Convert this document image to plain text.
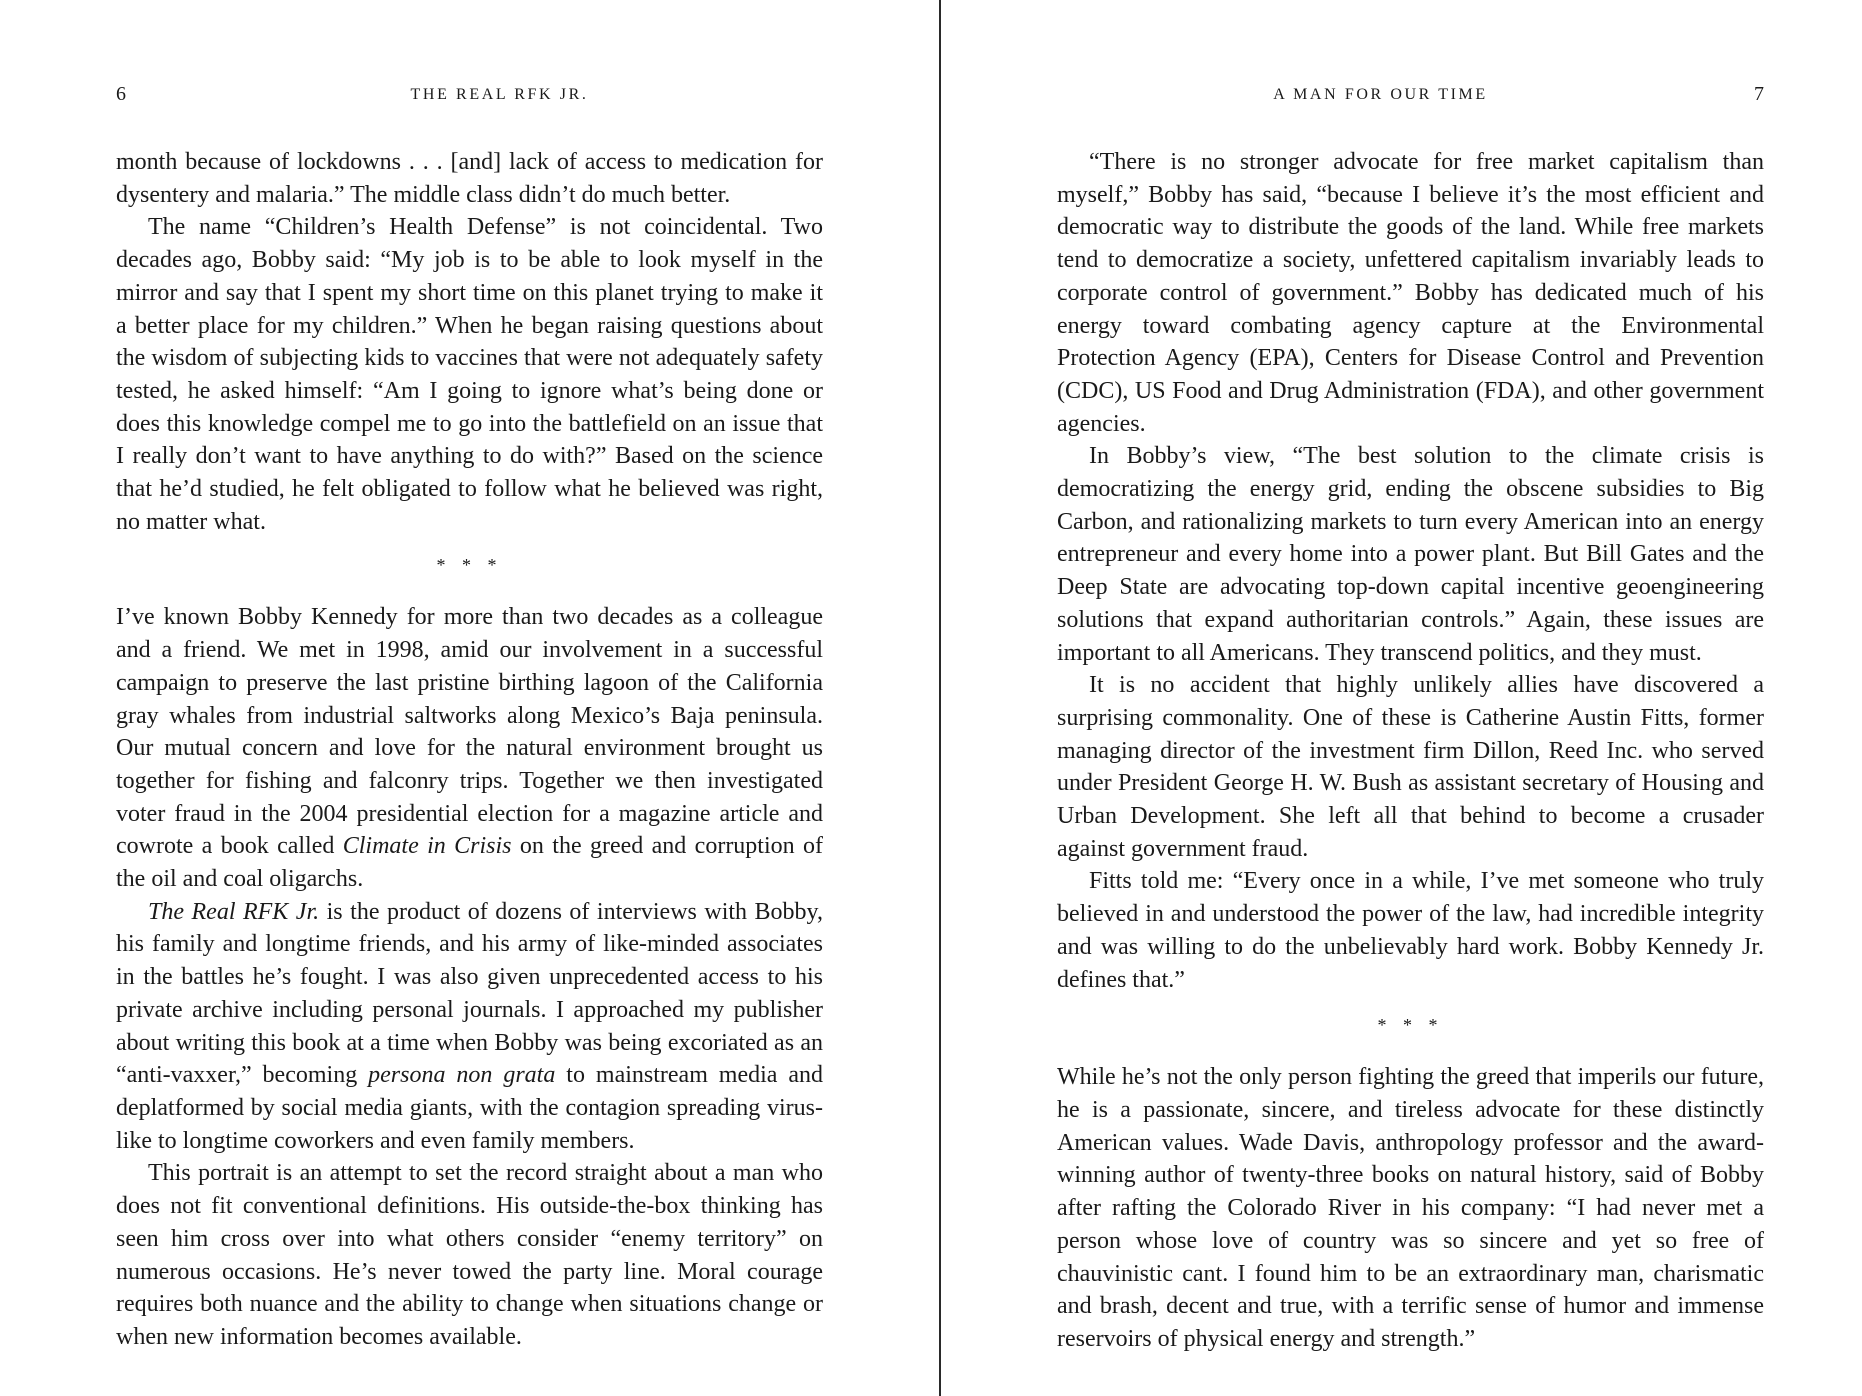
6	THE REAL RFK JR.

month because of lockdowns . . . [and] lack of access to medication for dysentery and malaria.” The middle class didn’t do much better.

The name “Children’s Health Defense” is not coincidental. Two decades ago, Bobby said: “My job is to be able to look myself in the mirror and say that I spent my short time on this planet trying to make it a better place for my children.” When he began raising questions about the wisdom of subjecting kids to vaccines that were not adequately safety tested, he asked himself: “Am I going to ignore what’s being done or does this knowledge compel me to go into the battlefield on an issue that I really don’t want to have anything to do with?” Based on the science that he’d studied, he felt obligated to follow what he believed was right, no matter what.

* * *

I’ve known Bobby Kennedy for more than two decades as a colleague and a friend. We met in 1998, amid our involvement in a successful campaign to preserve the last pristine birthing lagoon of the California gray whales from industrial saltworks along Mexico’s Baja peninsula. Our mutual concern and love for the natural environment brought us together for fishing and falconry trips. Together we then investigated voter fraud in the 2004 presidential election for a magazine article and cowrote a book called Climate in Crisis on the greed and corruption of the oil and coal oligarchs.

The Real RFK Jr. is the product of dozens of interviews with Bobby, his family and longtime friends, and his army of like-minded associates in the battles he’s fought. I was also given unprecedented access to his private archive including personal journals. I approached my publisher about writing this book at a time when Bobby was being excoriated as an “anti-vaxxer,” becoming persona non grata to mainstream media and deplatformed by social media giants, with the contagion spreading virus-like to longtime coworkers and even family members.

This portrait is an attempt to set the record straight about a man who does not fit conventional definitions. His outside-the-box thinking has seen him cross over into what others consider “enemy territory” on numerous occasions. He’s never towed the party line. Moral courage requires both nuance and the ability to change when situations change or when new information becomes available.

A MAN FOR OUR TIME	7

“There is no stronger advocate for free market capitalism than myself,” Bobby has said, “because I believe it’s the most efficient and democratic way to distribute the goods of the land. While free markets tend to democratize a society, unfettered capitalism invariably leads to corporate control of government.” Bobby has dedicated much of his energy toward combating agency capture at the Environmental Protection Agency (EPA), Centers for Disease Control and Prevention (CDC), US Food and Drug Administration (FDA), and other government agencies.

In Bobby’s view, “The best solution to the climate crisis is democratizing the energy grid, ending the obscene subsidies to Big Carbon, and rationalizing markets to turn every American into an energy entrepreneur and every home into a power plant. But Bill Gates and the Deep State are advocating top-down capital incentive geoengineering solutions that expand authoritarian controls.” Again, these issues are important to all Americans. They transcend politics, and they must.

It is no accident that highly unlikely allies have discovered a surprising commonality. One of these is Catherine Austin Fitts, former managing director of the investment firm Dillon, Reed Inc. who served under President George H. W. Bush as assistant secretary of Housing and Urban Development. She left all that behind to become a crusader against government fraud.

Fitts told me: “Every once in a while, I’ve met someone who truly believed in and understood the power of the law, had incredible integrity and was willing to do the unbelievably hard work. Bobby Kennedy Jr. defines that.”

* * *

While he’s not the only person fighting the greed that imperils our future, he is a passionate, sincere, and tireless advocate for these distinctly American values. Wade Davis, anthropology professor and the award-winning author of twenty-three books on natural history, said of Bobby after rafting the Colorado River in his company: “I had never met a person whose love of country was so sincere and yet so free of chauvinistic cant. I found him to be an extraordinary man, charismatic and brash, decent and true, with a terrific sense of humor and immense reservoirs of physical energy and strength.”
